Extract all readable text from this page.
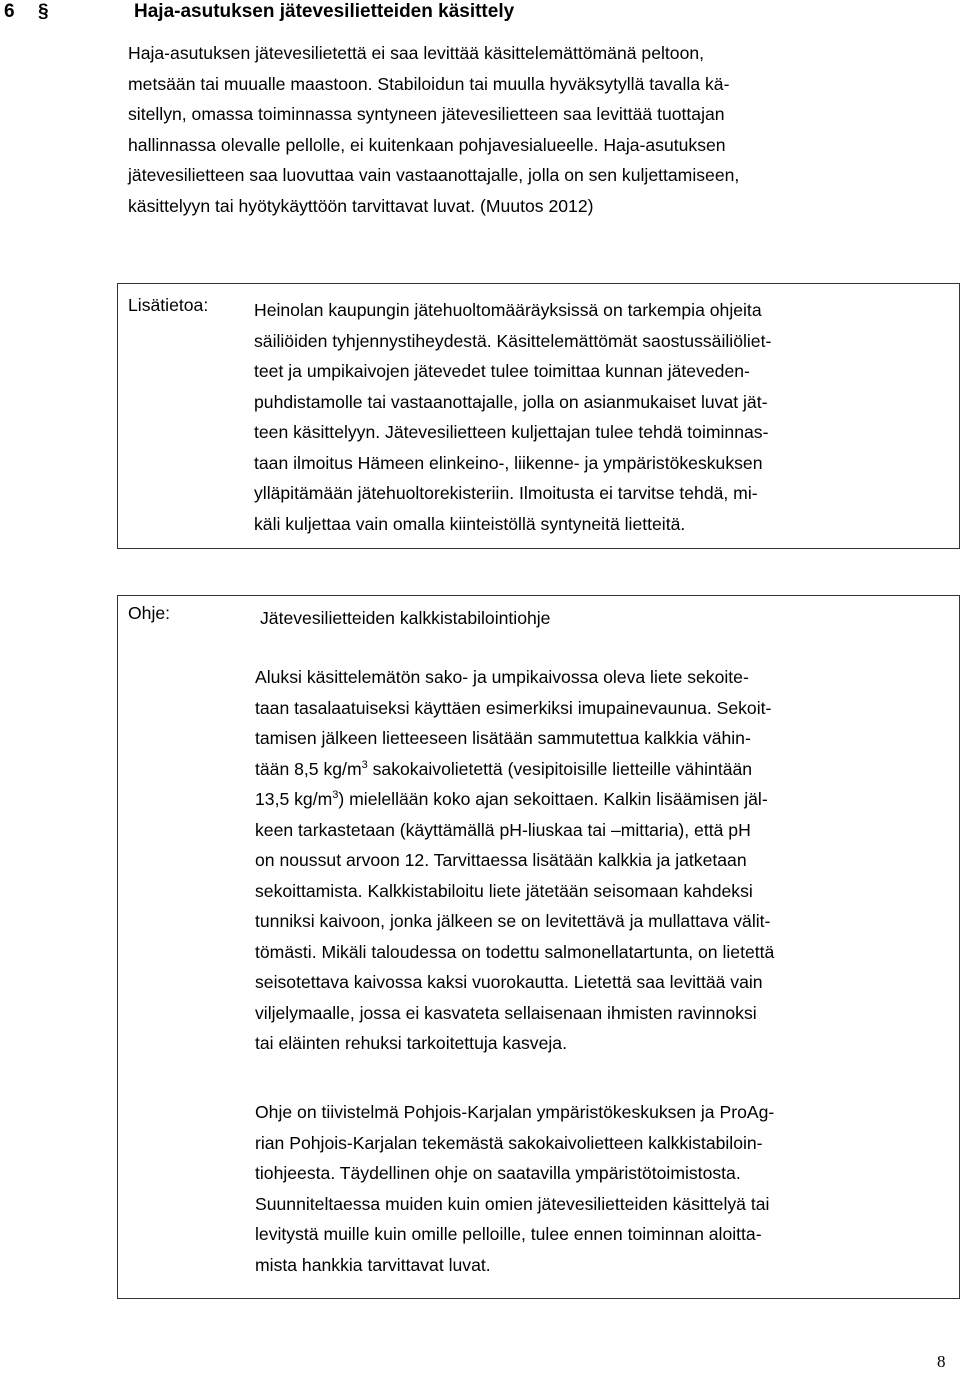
6 §	Haja-asutuksen jätevesilietteiden käsittely
Haja-asutuksen jätevesilietettä ei saa levittää käsittelemättömänä peltoon,
metsään tai muualle maastoon. Stabiloidun tai muulla hyväksytyllä tavalla kä-
sitellyn, omassa toiminnassa syntyneen jätevesilietteen saa levittää tuottajan
hallinnassa olevalle pellolle, ei kuitenkaan pohjavesialueelle. Haja-asutuksen
jätevesilietteen saa luovuttaa vain vastaanottajalle, jolla on sen kuljettamiseen,
käsittelyyn tai hyötykäyttöön tarvittavat luvat. (Muutos 2012)
Lisätietoa:	Heinolan kaupungin jätehuoltomääräyksissä on tarkempia ohjeita
säiliöiden tyhjennystiheydestä. Käsittelemättömät saostussäiliöliet-
teet ja umpikaivojen jätevedet tulee toimittaa kunnan jäteveden-
puhdistamolle tai vastaanottajalle, jolla on asianmukaiset luvat jät-
teen käsittelyyn. Jätevesilietteen kuljettajan tulee tehdä toiminnas-
taan ilmoitus Hämeen elinkeino-, liikenne- ja ympäristökeskuksen
ylläpitämään jätehuoltorekisteriin. Ilmoitusta ei tarvitse tehdä, mi-
käli kuljettaa vain omalla kiinteistöllä syntyneitä lietteitä.
Ohje:	Jätevesilietteiden kalkkistabilointiohje
Aluksi käsittelemätön sako- ja umpikaivossa oleva liete sekoite-
taan tasalaatuiseksi käyttäen esimerkiksi imupainevaunua. Sekoit-
tamisen jälkeen lietteeseen lisätään sammutettua kalkkia vähin-
tään 8,5 $kg/m^3$ sakokaivolietettä (vesipitoisille lietteille vähintään
13,5 $kg/m^3$) mielellään koko ajan sekoittaen. Kalkin lisäämisen jäl-
keen tarkastetaan (käyttämällä pH-liuskaa tai –mittaria), että pH
on noussut arvoon 12. Tarvittaessa lisätään kalkkia ja jatketaan
sekoittamista. Kalkkistabiloitu liete jätetään seisomaan kahdeksi
tunniksi kaivoon, jonka jälkeen se on levitettävä ja mullattava välit-
tömästi. Mikäli taloudessa on todettu salmonellatartunta, on lietettä
seisotettava kaivossa kaksi vuorokautta. Lietettä saa levittää vain
viljelymaalle, jossa ei kasvateta sellaisenaan ihmisten ravinnoksi
tai eläinten rehuksi tarkoitettuja kasveja.
Ohje on tiivistelmä Pohjois-Karjalan ympäristökeskuksen ja ProAg-
rian Pohjois-Karjalan tekemästä sakokaivolietteen kalkkistabiloin-
tiohjeesta. Täydellinen ohje on saatavilla ympäristötoimistosta.
Suunniteltaessa muiden kuin omien jätevesilietteiden käsittelyä tai
levitystä muille kuin omille pelloille, tulee ennen toiminnan aloitta-
mista hankkia tarvittavat luvat.
8
